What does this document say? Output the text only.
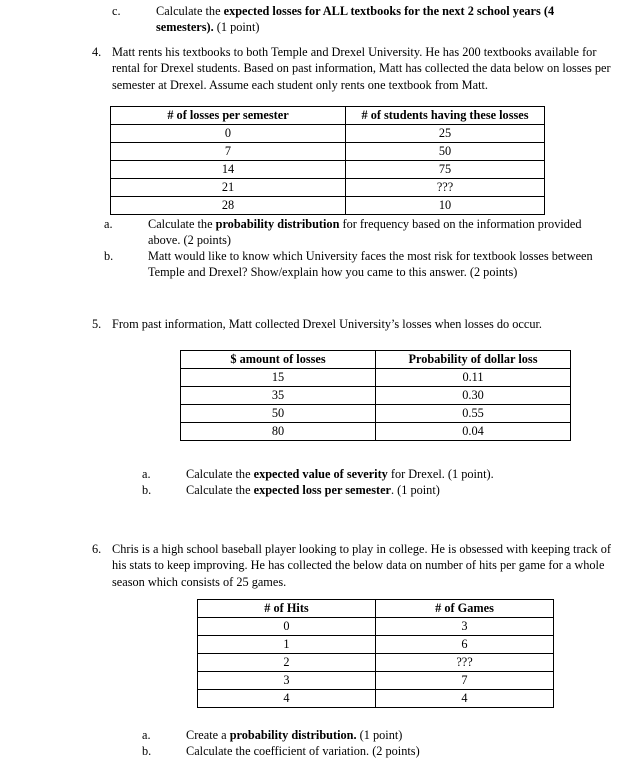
c.	Calculate the expected losses for ALL textbooks for the next 2 school years (4 semesters). (1 point)
4. Matt rents his textbooks to both Temple and Drexel University. He has 200 textbooks available for rental for Drexel students. Based on past information, Matt has collected the data below on losses per semester at Drexel. Assume each student only rents one textbook from Matt.
a.	Calculate the probability distribution for frequency based on the information provided above. (2 points)
b.	Matt would like to know which University faces the most risk for textbook losses between Temple and Drexel? Show/explain how you came to this answer. (2 points)
5. From past information, Matt collected Drexel University’s losses when losses do occur.
a.	Calculate the expected value of severity for Drexel. (1 point).
b.	Calculate the expected loss per semester. (1 point)
6. Chris is a high school baseball player looking to play in college. He is obsessed with keeping track of his stats to keep improving. He has collected the below data on number of hits per game for a whole season which consists of 25 games.
a.	Create a probability distribution. (1 point)
b.	Calculate the coefficient of variation. (2 points)
# of losses per semester	# of students having these losses
0	25
7	50
14	75
21	???
28	10
$ amount of losses	Probability of dollar loss
15	0.11
35	0.30
50	0.55
80	0.04
# of Hits	# of Games
0	3
1	6
2	???
3	7
4	4
